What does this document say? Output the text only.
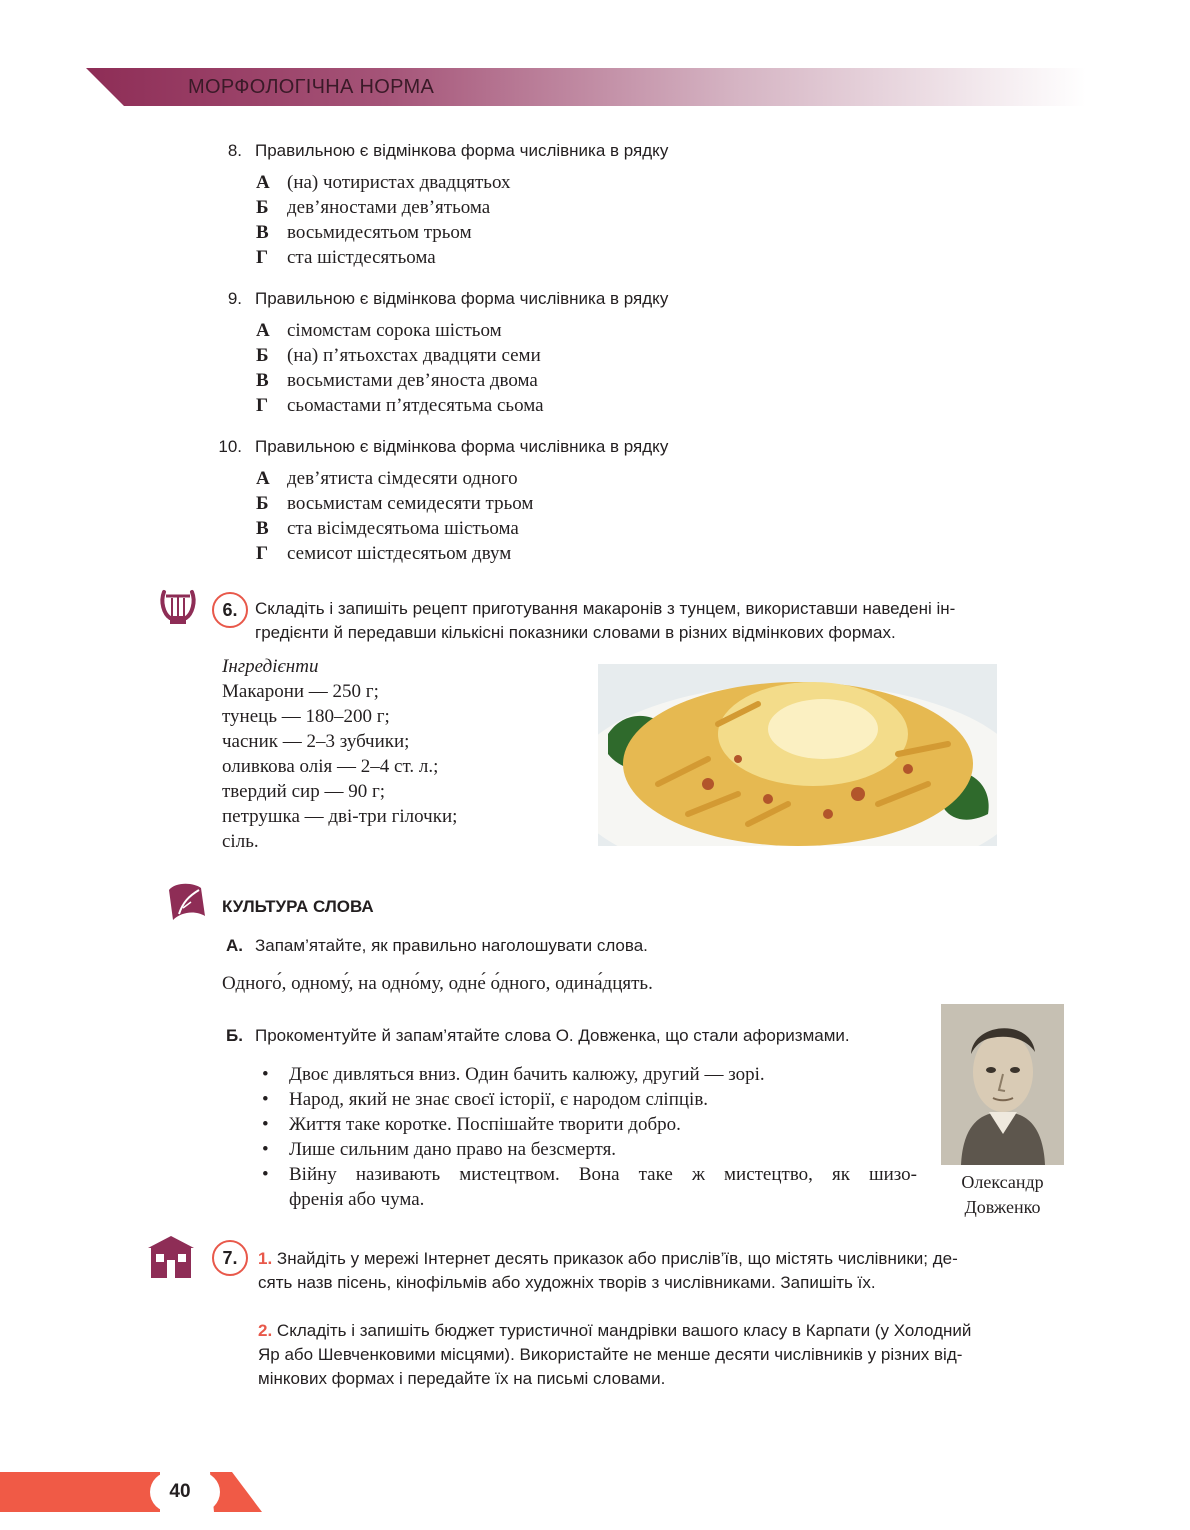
МОРФОЛОГІЧНА НОРМА
8. Правильною є відмінкова форма числівника в рядку
А (на) чотиристах двадцятьох
Б дев’яностами дев’ятьома
В восьмидесятьом трьом
Г ста шістдесятьома
9. Правильною є відмінкова форма числівника в рядку
А сімомстам сорока шістьом
Б (на) п’ятьохстах двадцяти семи
В восьмистами дев’яноста двома
Г сьомастами п’ятдесятьма сьома
10. Правильною є відмінкова форма числівника в рядку
А дев’ятиста сімдесяти одного
Б восьмистам семидесяти трьом
В ста вісімдесятьома шістьома
Г семисот шістдесятьом двум
6.	Складіть і запишіть рецепт приготування макаронів з тунцем, використавши наведені ін-
гредієнти й передавши кількісні показники словами в різних відмінкових формах.
Інгредієнти
Макарони — 250 г;
тунець — 180–200 г;
часник — 2–3 зубчики;
оливкова олія — 2–4 ст. л.;
твердий сир — 90 г;
петрушка — дві-три гілочки;
сіль.
КУЛЬТУРА СЛОВА
А. Запам’ятайте, як правильно наголошувати слова.
Одного́, одному́, на одно́му, одне́ о́дного, одина́дцять.
Б. Прокоментуйте й запам’ятайте слова О. Довженка, що стали афоризмами.
• Двоє дивляться вниз. Один бачить калюжу, другий — зорі.
• Народ, який не знає своєї історії, є народом сліпців.
• Життя таке коротке. Поспішайте творити добро.
• Лише сильним дано право на безсмертя.
• Війну називають мистецтвом. Вона таке ж мистецтво, як шизо-
френія або чума.
Олександр
Довженко
7.	1. Знайдіть у мережі Інтернет десять приказок або прислів’їв, що містять числівники; де-
сять назв пісень, кінофільмів або художніх творів з числівниками. Запишіть їх.
2. Складіть і запишіть бюджет туристичної мандрівки вашого класу в Карпати (у Холодний
Яр або Шевченковими місцями). Використайте не менше десяти числівників у різних від-
мінкових формах і передайте їх на письмі словами.
40
